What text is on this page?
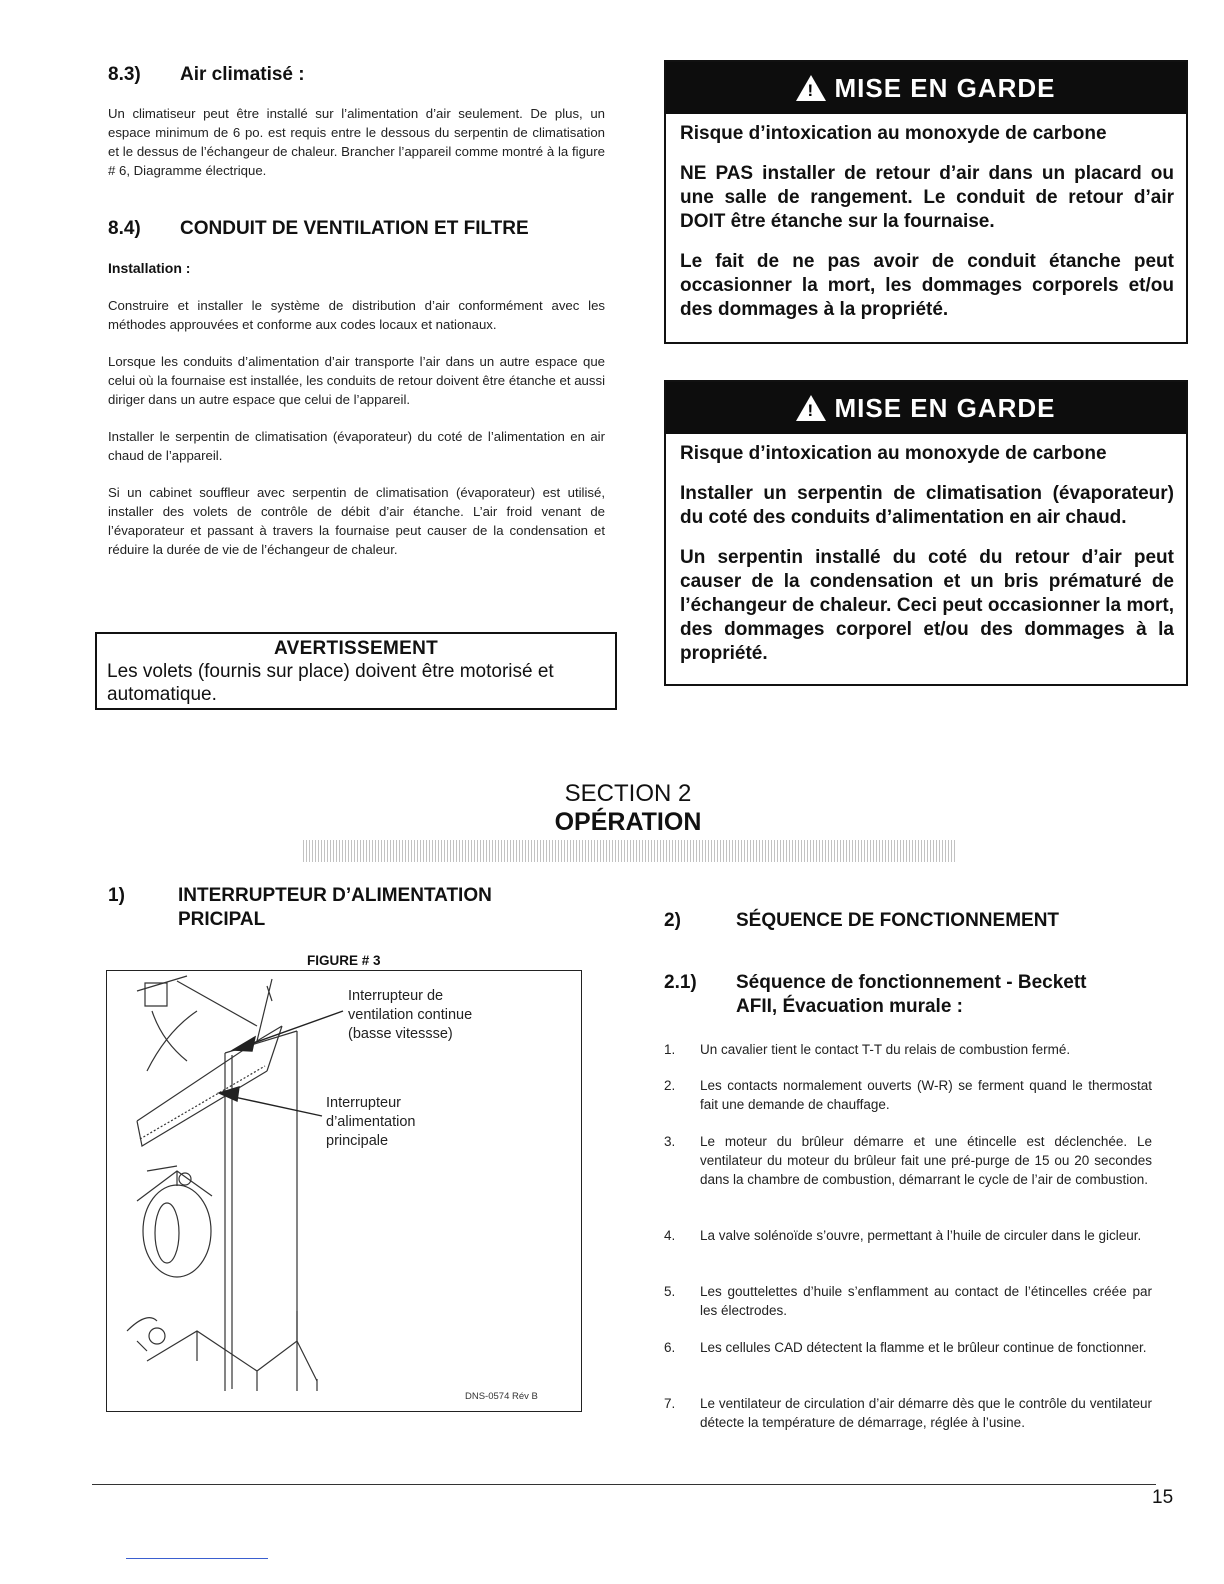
8.3) Air climatisé :
Un climatiseur peut être installé sur l’alimentation d’air seulement. De plus, un espace minimum de 6 po. est requis entre le dessous du serpentin de climatisation et le dessus de l’échangeur de chaleur. Brancher l’appareil comme montré à la figure # 6, Diagramme électrique.
8.4) CONDUIT DE VENTILATION ET FILTRE
Installation :

Construire et installer le système de distribution d’air conformément avec les méthodes approuvées et conforme aux codes locaux et nationaux.

Lorsque les conduits d’alimentation d’air transporte l’air dans un autre espace que celui où la fournaise est installée, les conduits de retour doivent être étanche et aussi diriger dans un autre espace que celui de l’appareil.

Installer le serpentin de climatisation (évaporateur) du coté de l’alimentation en air chaud de l’appareil.

Si un cabinet souffleur avec serpentin de climatisation (évaporateur) est utilisé, installer des volets de contrôle de débit d’air étanche. L’air froid venant de l’évaporateur et passant à travers la fournaise peut causer de la condensation et réduire la durée de vie de l’échangeur de chaleur.

AVERTISSEMENT
Les volets (fournis sur place) doivent être motorisé et automatique.
! MISE EN GARDE

Risque d’intoxication au monoxyde de carbone

NE PAS installer de retour d’air dans un placard ou une salle de rangement. Le conduit de retour d’air DOIT être étanche sur la fournaise.

Le fait de ne pas avoir de conduit étanche peut occasionner la mort, les dommages corporels et/ou des dommages à la propriété.

! MISE EN GARDE

Risque d’intoxication au monoxyde de carbone

Installer un serpentin de climatisation (évaporateur) du coté des conduits d’alimentation en air chaud.

Un serpentin installé du coté du retour d’air peut causer de la condensation et un bris prématuré de l’échangeur de chaleur. Ceci peut occasionner la mort, des dommages corporel et/ou des dommages à la propriété.

SECTION 2
OPÉRATION
1)	INTERRUPTEUR D’ALIMENTATION
PRICIPAL
FIGURE # 3
Interrupteur de ventilation continue (basse vitessse)
Interrupteur d’alimentation principale
DNS-0574 Rév B
2)	SÉQUENCE DE FONCTIONNEMENT
2.1) Séquence de fonctionnement - Beckett
AFII, Évacuation murale :
1. Un cavalier tient le contact T-T du relais de combustion fermé.
2. Les contacts normalement ouverts (W-R) se ferment quand le thermostat fait une demande de chauffage.
3. Le moteur du brûleur démarre et une étincelle est déclenchée. Le ventilateur du moteur du brûleur fait une pré-purge de 15 ou 20 secondes dans la chambre de combustion, démarrant le cycle de l’air de combustion.
4. La valve solénoïde s’ouvre, permettant à l’huile de circuler dans le gicleur.
5. Les gouttelettes d’huile s’enflamment au contact de l’étincelles créée par les électrodes.
6. Les cellules CAD détectent la flamme et le brûleur continue de fonctionner.
7. Le ventilateur de circulation d’air démarre dès que le contrôle du ventilateur détecte la température de démarrage, réglée à l’usine.
15
